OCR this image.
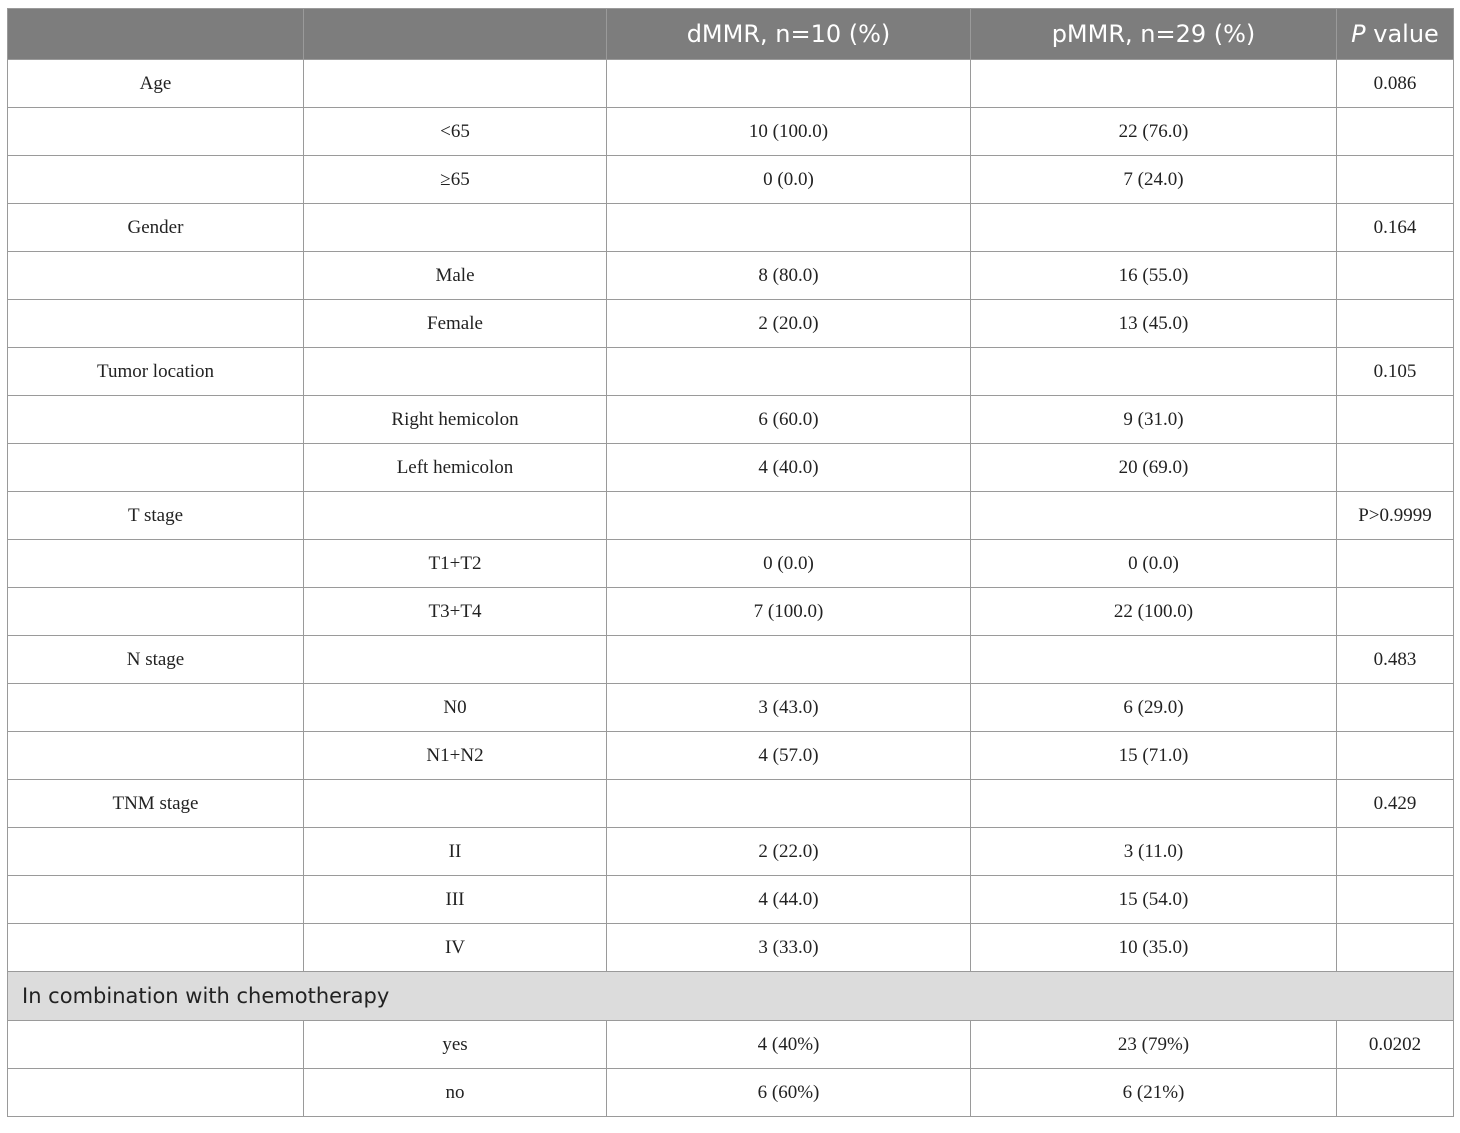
		dMMR, n=10 (%)	pMMR, n=29 (%)	P value
Age				0.086
	<65	10 (100.0)	22 (76.0)	
	≥65	0 (0.0)	7 (24.0)	
Gender				0.164
	Male	8 (80.0)	16 (55.0)	
	Female	2 (20.0)	13 (45.0)	
Tumor location				0.105
	Right hemicolon	6 (60.0)	9 (31.0)	
	Left hemicolon	4 (40.0)	20 (69.0)	
T stage				P>0.9999
	T1+T2	0 (0.0)	0 (0.0)	
	T3+T4	7 (100.0)	22 (100.0)	
N stage				0.483
	N0	3 (43.0)	6 (29.0)	
	N1+N2	4 (57.0)	15 (71.0)	
TNM stage				0.429
	II	2 (22.0)	3 (11.0)	
	III	4 (44.0)	15 (54.0)	
	IV	3 (33.0)	10 (35.0)	
In combination with chemotherapy				
	yes	4 (40%)	23 (79%)	0.0202
	no	6 (60%)	6 (21%)	
